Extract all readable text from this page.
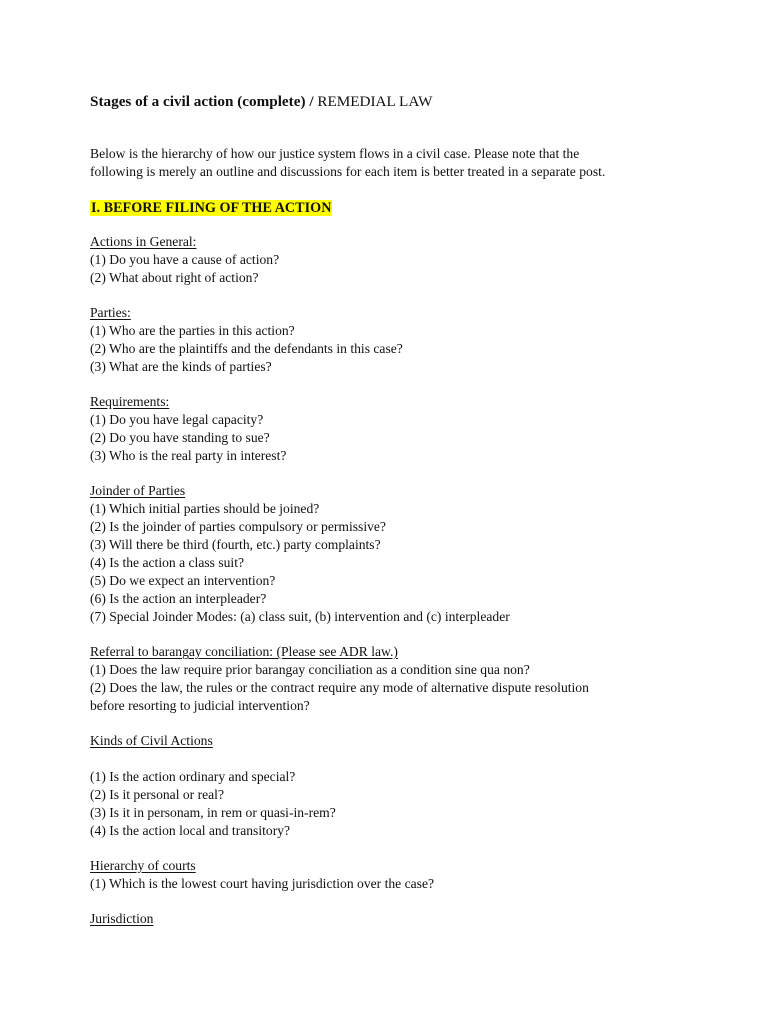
Stages of a civil action (complete) / REMEDIAL LAW

Below is the hierarchy of how our justice system flows in a civil case. Please note that the

following is merely an outline and discussions for each item is better treated in a separate post.

I. BEFORE FILING OF THE ACTION
Actions in General:
(1) Do you have a cause of action?
(2) What about right of action?
Parties:
(1) Who are the parties in this action?
(2) Who are the plaintiffs and the defendants in this case?
(3) What are the kinds of parties?
Requirements:
(1) Do you have legal capacity?
(2) Do you have standing to sue?
(3) Who is the real party in interest?
Joinder of Parties
(1) Which initial parties should be joined?
(2) Is the joinder of parties compulsory or permissive?
(3) Will there be third (fourth, etc.) party complaints?
(4) Is the action a class suit?
(5) Do we expect an intervention?
(6) Is the action an interpleader?
(7) Special Joinder Modes: (a) class suit, (b) intervention and (c) interpleader
Referral to barangay conciliation: (Please see ADR law.)
(1) Does the law require prior barangay conciliation as a condition sine qua non?
(2) Does the law, the rules or the contract require any mode of alternative dispute resolution
before resorting to judicial intervention?
Kinds of Civil Actions
(1) Is the action ordinary and special?
(2) Is it personal or real?
(3) Is it in personam, in rem or quasi-in-rem?
(4) Is the action local and transitory?
Hierarchy of courts
(1) Which is the lowest court having jurisdiction over the case?
Jurisdiction
